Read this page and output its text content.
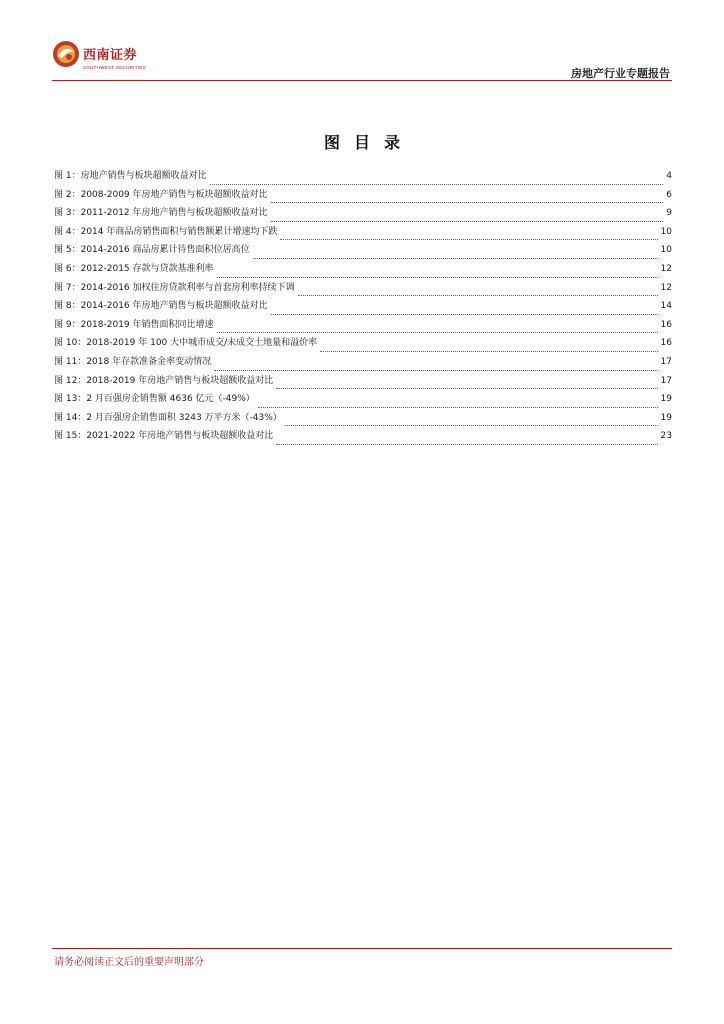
西南证券
SOUTHWEST SECURITIES	房地产行业专题报告
图目录
图 1：房地产销售与板块超额收益对比	4
图 2：2008-2009 年房地产销售与板块超额收益对比	6
图 3：2011-2012 年房地产销售与板块超额收益对比	9
图 4：2014 年商品房销售面积与销售额累计增速均下跌	10
图 5：2014-2016 商品房累计待售面积位居高位	10
图 6：2012-2015 存款与贷款基准利率	12
图 7：2014-2016 加权住房贷款利率与首套房利率持续下调	12
图 8：2014-2016 年房地产销售与板块超额收益对比	14
图 9：2018-2019 年销售面积同比增速	16
图 10：2018-2019 年 100 大中城市成交/未成交土地量和溢价率	16
图 11：2018 年存款准备金率变动情况	17
图 12：2018-2019 年房地产销售与板块超额收益对比	17
图 13：2 月百强房企销售额 4636 亿元（-49%）	19
图 14：2 月百强房企销售面积 3243 万平方米（-43%）	19
图 15：2021-2022 年房地产销售与板块超额收益对比	23
请务必阅读正文后的重要声明部分
